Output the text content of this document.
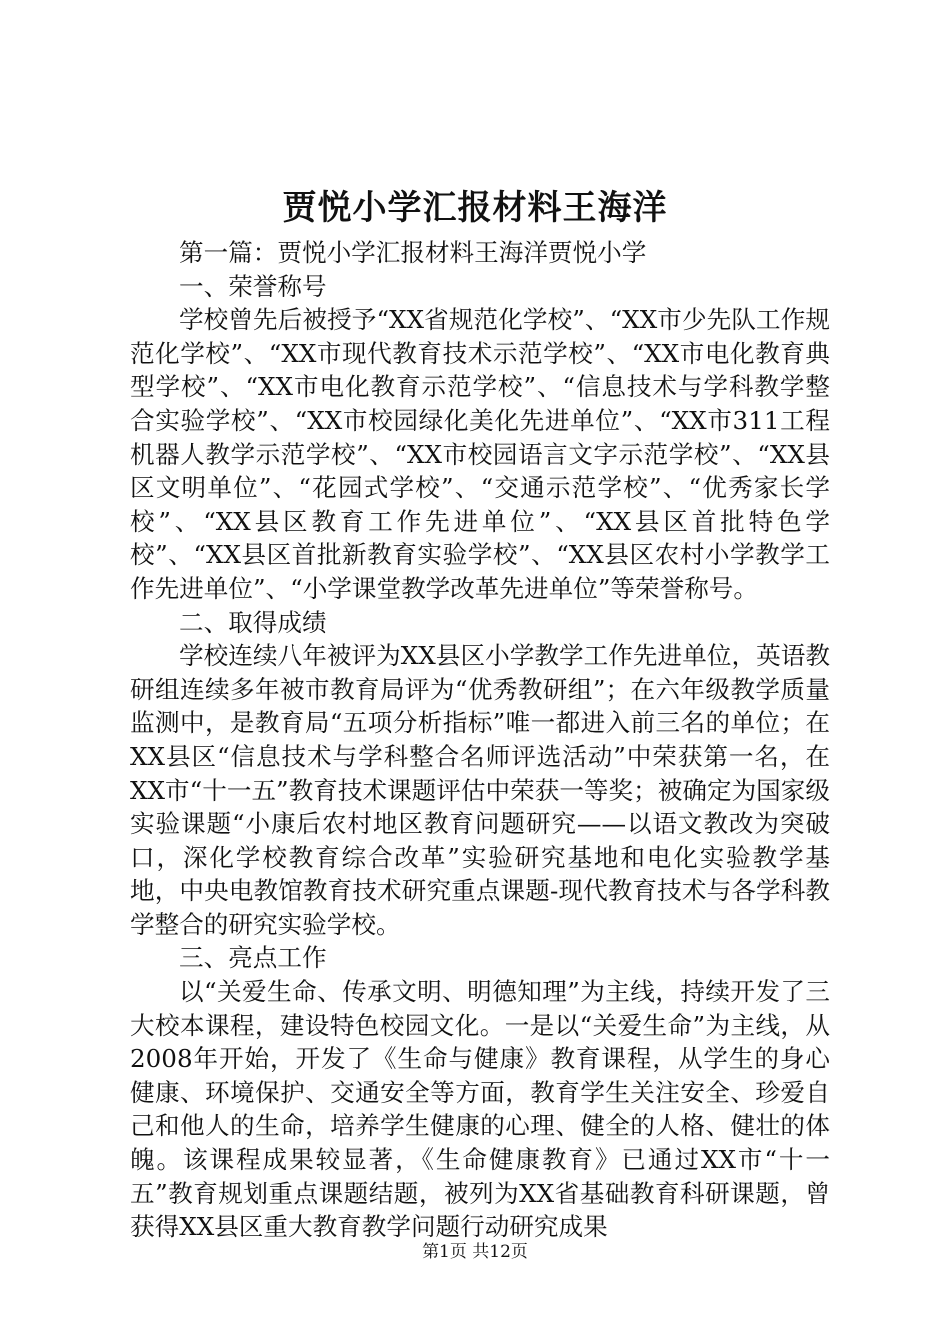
贾悦小学汇报材料王海洋

第一篇：贾悦小学汇报材料王海洋贾悦小学

一、荣誉称号

学校曾先后被授予“XX省规范化学校”、“XX市少先队工作规范化学校”、“XX市现代教育技术示范学校”、“XX市电化教育典型学校”、“XX市电化教育示范学校”、“信息技术与学科教学整合实验学校”、“XX市校园绿化美化先进单位”、“XX市311工程机器人教学示范学校”、“XX市校园语言文字示范学校”、“XX县区文明单位”、“花园式学校”、“交通示范学校”、“优秀家长学校”、“XX县区教育工作先进单位”、“XX县区首批特色学校”、“XX县区首批新教育实验学校”、“XX县区农村小学教学工作先进单位”、“小学课堂教学改革先进单位”等荣誉称号。

二、取得成绩

学校连续八年被评为XX县区小学教学工作先进单位，英语教研组连续多年被市教育局评为“优秀教研组”；在六年级教学质量监测中，是教育局“五项分析指标”唯一都进入前三名的单位；在XX县区“信息技术与学科整合名师评选活动”中荣获第一名，在XX市“十一五”教育技术课题评估中荣获一等奖；被确定为国家级实验课题“小康后农村地区教育问题研究——以语文教改为突破口，深化学校教育综合改革”实验研究基地和电化实验教学基地，中央电教馆教育技术研究重点课题-现代教育技术与各学科教学整合的研究实验学校。

三、亮点工作

以“关爱生命、传承文明、明德知理”为主线，持续开发了三大校本课程，建设特色校园文化。一是以“关爱生命”为主线，从2008年开始，开发了《生命与健康》教育课程，从学生的身心健康、环境保护、交通安全等方面，教育学生关注安全、珍爱自己和他人的生命，培养学生健康的心理、健全的人格、健壮的体魄。该课程成果较显著，《生命健康教育》已通过XX市“十一五”教育规划重点课题结题，被列为XX省基础教育科研课题，曾获得XX县区重大教育教学问题行动研究成果

第1页 共12页
